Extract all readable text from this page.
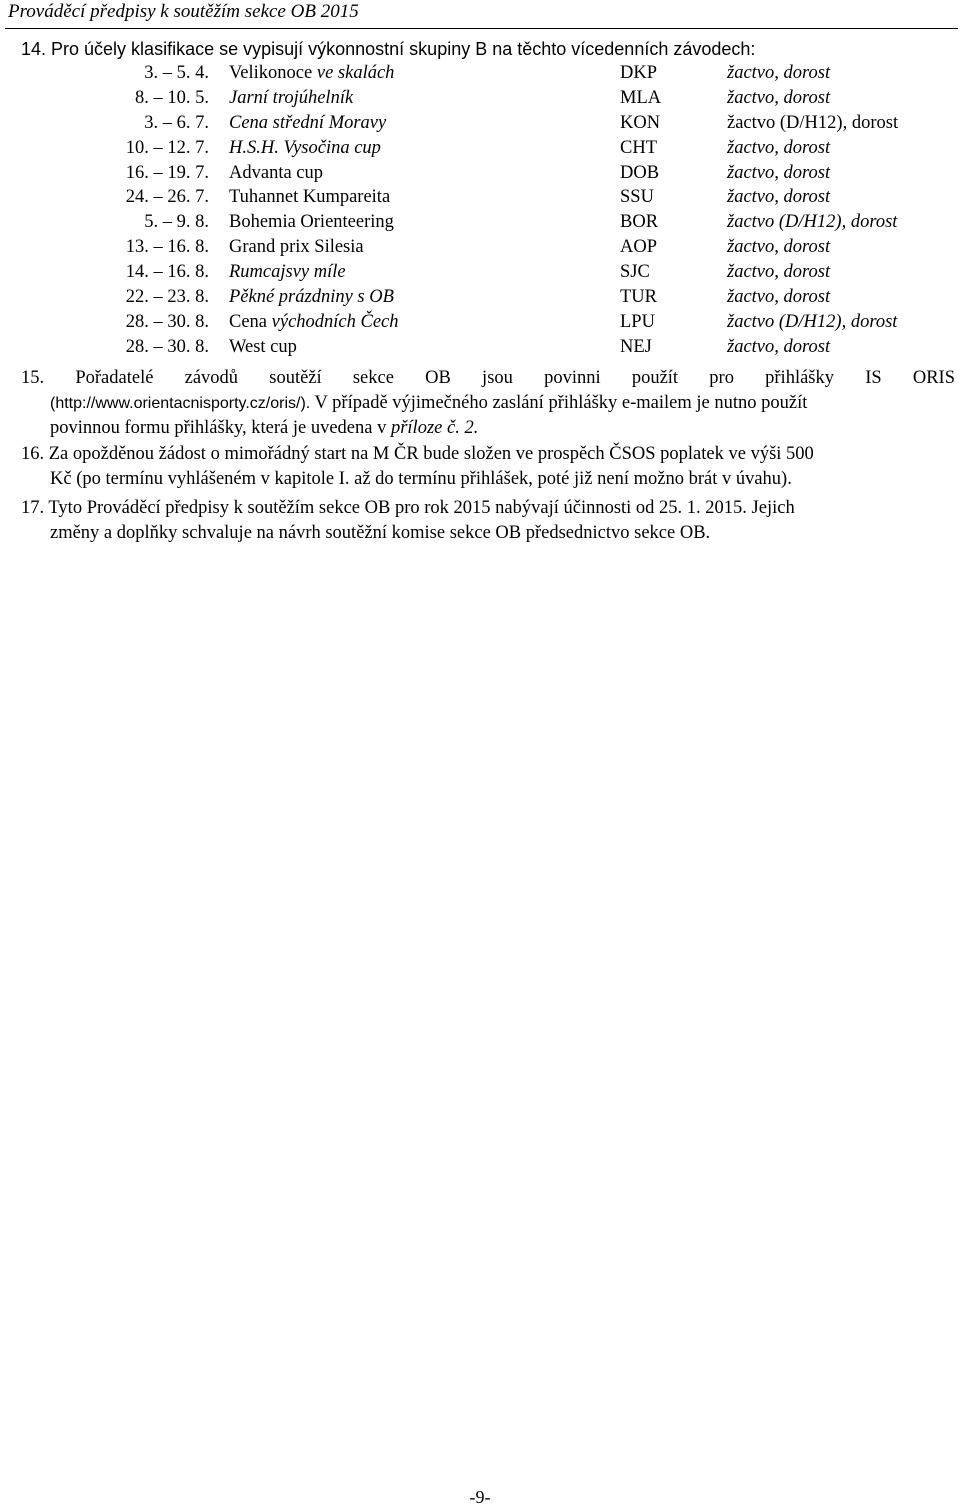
Prováděcí předpisy k soutěžím sekce OB 2015
14. Pro účely klasifikace se vypisují výkonnostní skupiny B na těchto vícedenních závodech:
3. – 5. 4. Velikonoce ve skalách	DKP	žactvo, dorost
8. – 10. 5. Jarní trojúhelník	MLA	žactvo, dorost
3. – 6. 7. Cena střední Moravy	KON	žactvo (D/H12), dorost
10. – 12. 7. H.S.H. Vysočina cup	CHT	žactvo, dorost
16. – 19. 7. Advanta cup	DOB	žactvo, dorost
24. – 26. 7. Tuhannet Kumpareita	SSU	žactvo, dorost
5. – 9. 8. Bohemia Orienteering	BOR	žactvo (D/H12), dorost
13. – 16. 8. Grand prix Silesia	AOP	žactvo, dorost
14. – 16. 8. Rumcajsvy míle	SJC	žactvo, dorost
22. – 23. 8. Pěkné prázdniny s OB	TUR	žactvo, dorost
28. – 30. 8. Cena východních Čech	LPU	žactvo (D/H12), dorost
28. – 30. 8. West cup	NEJ	žactvo, dorost
15. Pořadatelé závodů soutěží sekce OB jsou povinni použít pro přihlášky IS ORIS
(http://www.orientacnisporty.cz/oris/). V případě výjimečného zaslání přihlášky e-mailem je nutno použít
povinnou formu přihlášky, která je uvedena v příloze č. 2.
16. Za opožděnou žádost o mimořádný start na M ČR bude složen ve prospěch ČSOS poplatek ve výši 500
Kč (po termínu vyhlášeném v kapitole I. až do termínu přihlášek, poté již není možno brát v úvahu).
17. Tyto Prováděcí předpisy k soutěžím sekce OB pro rok 2015 nabývají účinnosti od 25. 1. 2015. Jejich
změny a doplňky schvaluje na návrh soutěžní komise sekce OB předsednictvo sekce OB.
-9-
